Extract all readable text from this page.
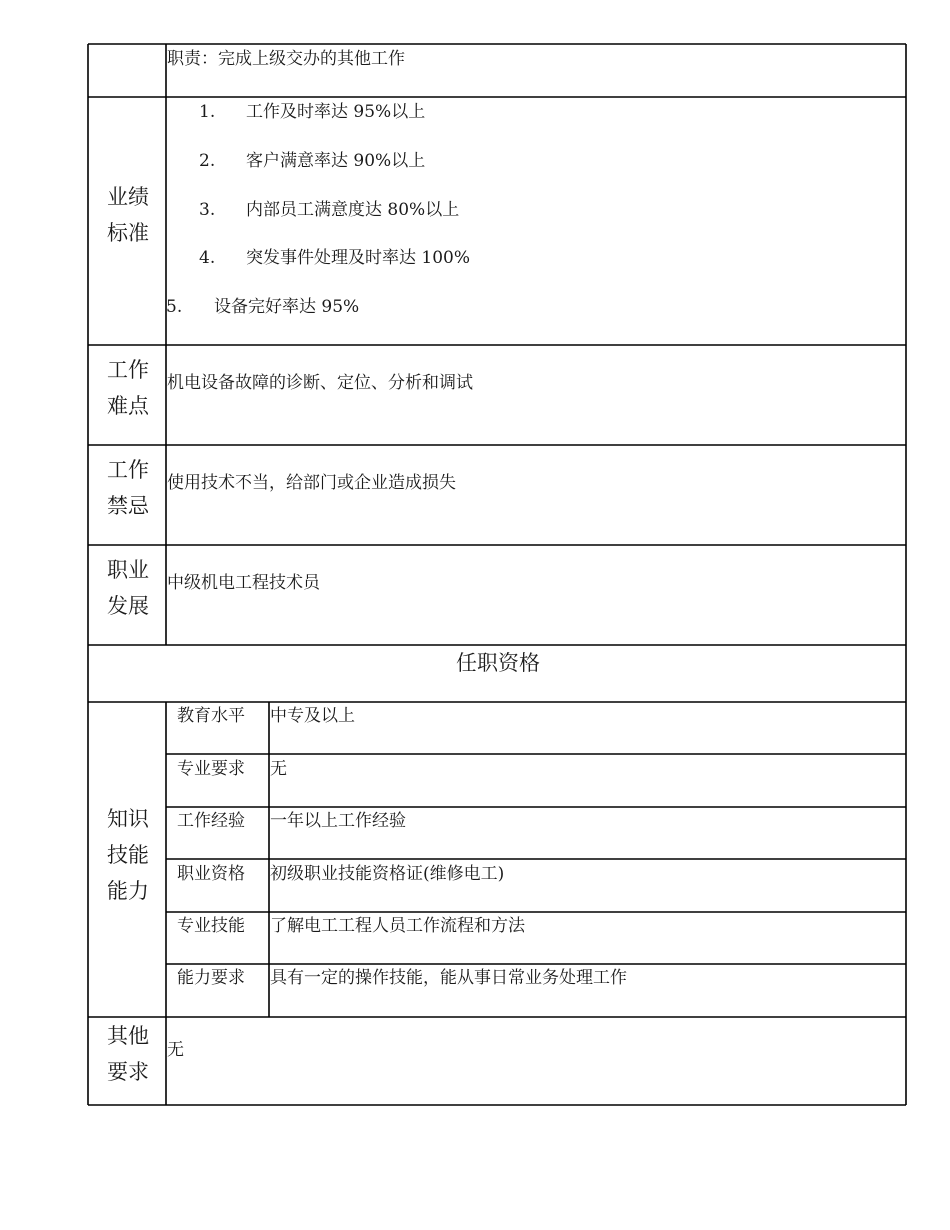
职责：完成上级交办的其他工作
业绩
标准
1. 工作及时率达 95%以上
2. 客户满意率达 90%以上
3. 内部员工满意度达 80%以上
4. 突发事件处理及时率达 100%
5. 设备完好率达 95%
工作
难点
机电设备故障的诊断、定位、分析和调试
工作
禁忌
使用技术不当，给部门或企业造成损失
职业
发展
中级机电工程技术员
任职资格
知识
技能
能力
教育水平 中专及以上
专业要求 无
工作经验 一年以上工作经验
职业资格 初级职业技能资格证(维修电工)
专业技能 了解电工工程人员工作流程和方法
能力要求 具有一定的操作技能，能从事日常业务处理工作
其他
要求
无
